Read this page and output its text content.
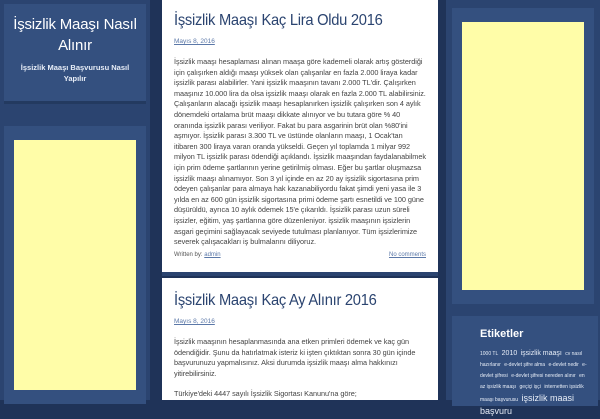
İşsizlik Maaşı Nasıl Alınır
İşsizlik Maaşı Başvurusu Nasıl Yapılır
İşsizlik Maaşı Kaç Lira Oldu 2016
Mayıs 8, 2016

İşsizlik maaşı hesaplaması alınan maaşa göre kademeli olarak artış gösterdiği için çalışırken aldığı maaşı yüksek olan çalışanlar en fazla 2.000 liraya kadar işsizlik parası alabilirler. Yani işsizlik maaşının tavanı 2.000 TL'dir. Çalışırken maaşınız 10.000 lira da olsa işsizlik maaşı olarak en fazla 2.000 TL alabilirsiniz. Çalışanların alacağı işsizlik maaşı hesaplanırken işsizlik çalışırken son 4 aylık dönemdeki ortalama brüt maaşı dikkate alınıyor ve bu tutara göre % 40 oranında işsizlik parası veriliyor. Fakat bu para asgarinin brüt olan %80'ini aşmıyor. İşsizlik parası 3.300 TL ve üstünde olanların maaşı, 1 Ocak'tan itibaren 300 liraya varan oranda yükseldi. Geçen yıl toplamda 1 milyar 992 milyon TL işsizlik parası ödendiği açıklandı. İşsizlik maaşından faydalanabilmek için prim ödeme şartlarının yerine getirilmiş olması. Eğer bu şartlar oluşmazsa işsizlik maaşı alınamıyor. Son 3 yıl içinde en az 20 ay işsizlik sigortasına prim ödeyen çalışanlar para almaya hak kazanabiliyordu fakat şimdi yeni yasa ile 3 yılda en az 600 gün işsizlik sigortasına primi ödeme şartı esnetildi ve 100 güne düşürüldü, ayrıca 10 aylık ödemek 15'e çıkarıldı. İşsizlik parası uzun süreli işsizler, eğitim, yaş şartlarına göre düzenleniyor. işsizlik maaşının işsizlerin asgari geçimini sağlayacak seviyede tutulması planlanıyor. Tüm işsizlerimize severek çalışacakları iş bulmalarını diliyoruz.

Written by: admin	No comments
İşsizlik Maaşı Kaç Ay Alınır 2016
Mayıs 8, 2016

İşsizlik maaşının hesaplanmasında ana etken primleri ödemek ve kaç gün ödendiğidir. Şunu da hatırlatmak isteriz ki işten çıktıktan sonra 30 gün içinde başvurunuzu yapmalısınız. Aksi durumda işsizlik maaşı alma hakkınızı yitirebilirsiniz.

Türkiye'deki 4447 sayılı İşsizlik Sigortası Kanunu'na göre;

Etiketler
1000 TL 2010 işsizlik maaşı cv nasıl hazırlanır e-devlet şifre alma e-devlet nedir e-devlet şifresi e-devlet şifresi nereden alınır en az işsizlik maaşı geçiçi işçi internetten işsizlik maaşı başvurusu işsizlik maasi başvuru
